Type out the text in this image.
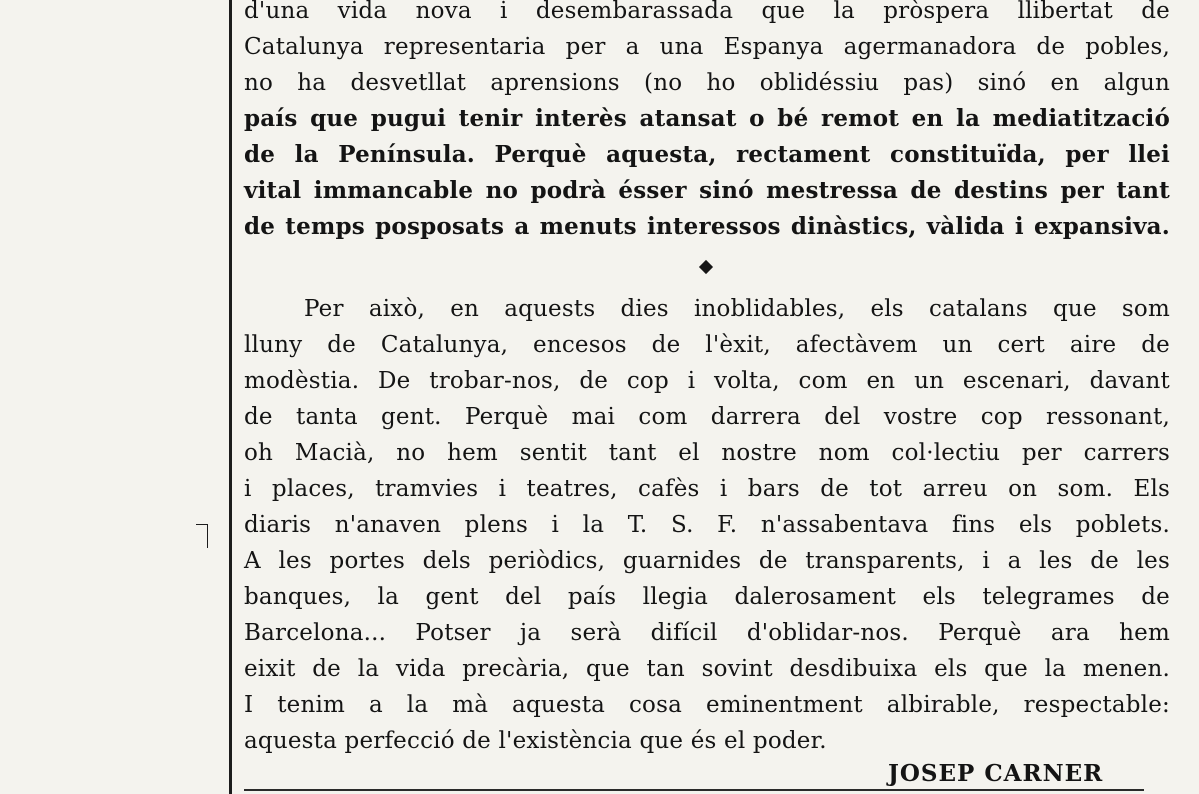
d'una vida nova i desembarassada que la pròspera llibertat de
Catalunya representaria per a una Espanya agermanadora de pobles,
no ha desvetllat aprensions (no ho oblidéssiu pas) sinó en algun
país que pugui tenir interès atansat o bé remot en la mediatització
de la Península. Perquè aquesta, rectament constituïda, per llei
vital immancable no podrà ésser sinó mestressa de destins per tant
de temps posposats a menuts interessos dinàstics, vàlida i expansiva.
Per això, en aquests dies inoblidables, els catalans que som
lluny de Catalunya, encesos de l'èxit, afectàvem un cert aire de
modèstia. De trobar-nos, de cop i volta, com en un escenari, davant
de tanta gent. Perquè mai com darrera del vostre cop ressonant,
oh Macià, no hem sentit tant el nostre nom col·lectiu per carrers
i places, tramvies i teatres, cafès i bars de tot arreu on som. Els
diaris n'anaven plens i la T. S. F. n'assabentava fins els poblets.
A les portes dels periòdics, guarnides de transparents, i a les de les
banques, la gent del país llegia dalerosament els telegrames de
Barcelona... Potser ja serà difícil d'oblidar-nos. Perquè ara hem
eixit de la vida precària, que tan sovint desdibuixa els que la menen.
I tenim a la mà aquesta cosa eminentment albirable, respectable:
aquesta perfecció de l'existència que és el poder.
JOSEP CARNER
